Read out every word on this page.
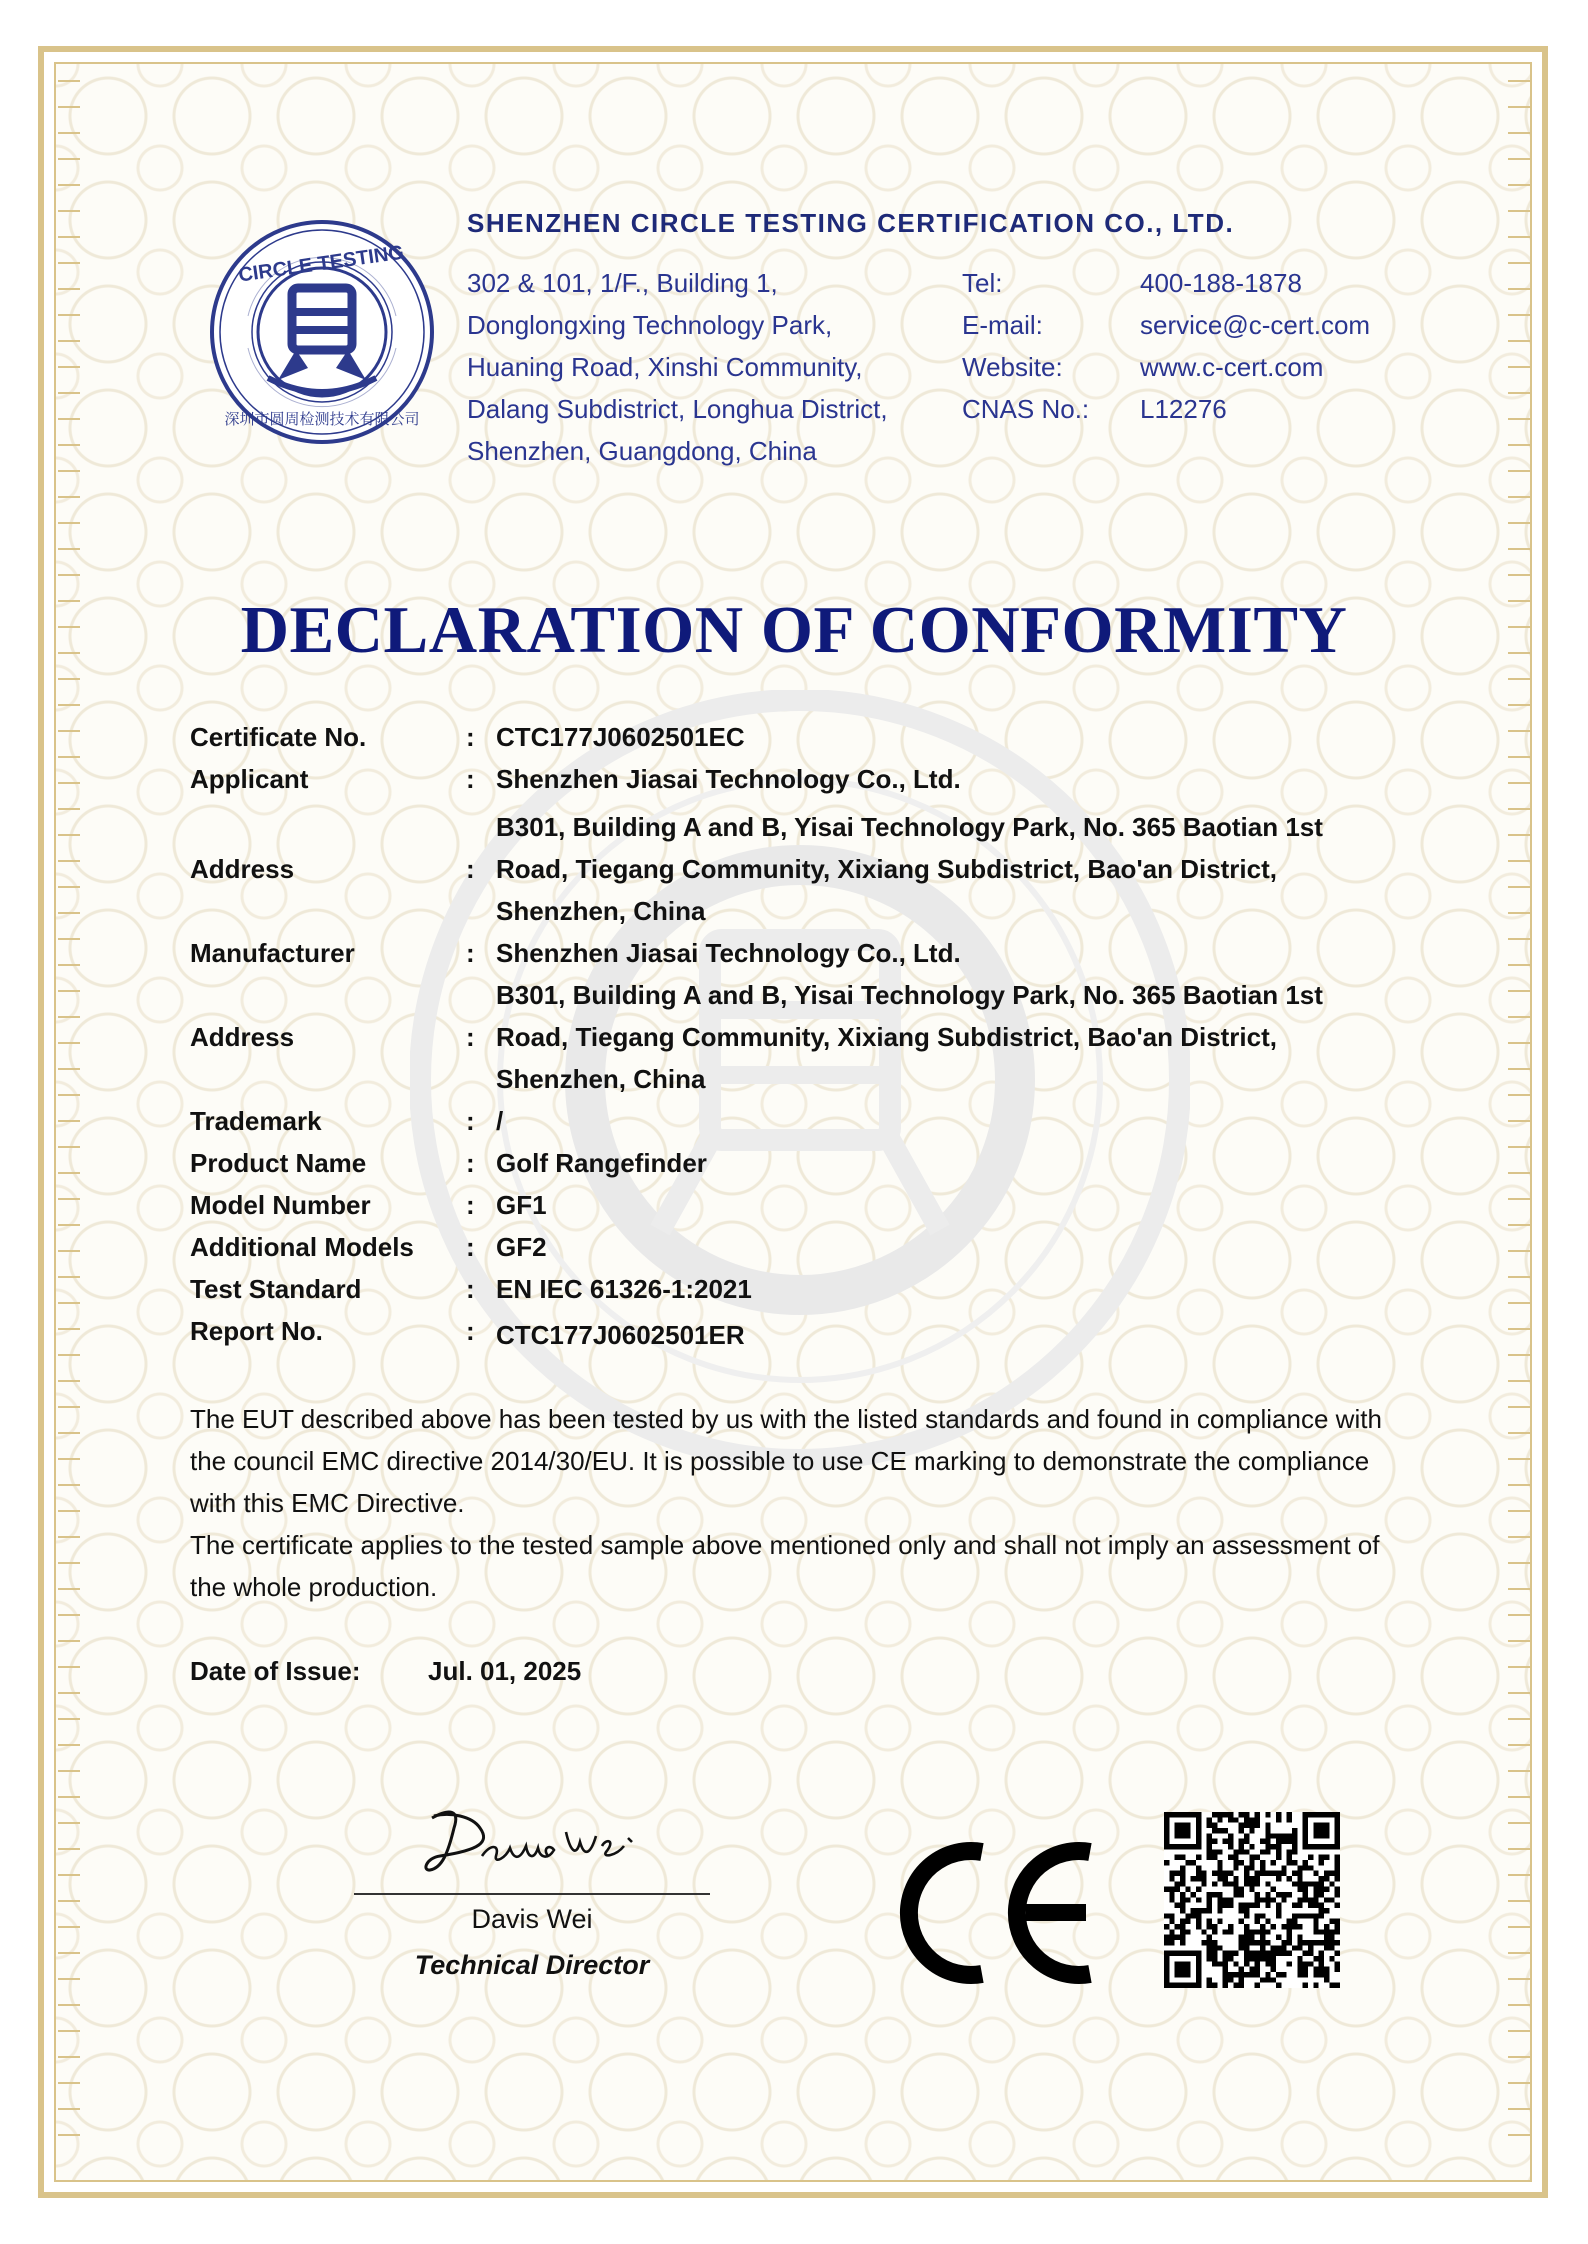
CIRCLE TESTING
深圳市圆周检测技术有限公司
SHENZHEN CIRCLE TESTING CERTIFICATION CO., LTD.
302 & 101, 1/F., Building 1,
Donglongxing Technology Park,
Huaning Road, Xinshi Community,
Dalang Subdistrict, Longhua District,
Shenzhen, Guangdong, China
Tel:	400-188-1878
E-mail:	service@c-cert.com
Website:	www.c-cert.com
CNAS No.:	L12276
DECLARATION OF CONFORMITY
Certificate No.	: CTC177J0602501EC
Applicant	: Shenzhen Jiasai Technology Co., Ltd.
Address	:
B301, Building A and B, Yisai Technology Park, No. 365 Baotian 1st
Road, Tiegang Community, Xixiang Subdistrict, Bao'an District,
Shenzhen, China
Manufacturer	: Shenzhen Jiasai Technology Co., Ltd.
Address	:
B301, Building A and B, Yisai Technology Park, No. 365 Baotian 1st
Road, Tiegang Community, Xixiang Subdistrict, Bao'an District,
Shenzhen, China
Trademark	: /
Product Name	: Golf Rangefinder
Model Number	: GF1
Additional Models	: GF2
Test Standard	: EN IEC 61326-1:2021
Report No.	: CTC177J0602501ER

The EUT described above has been tested by us with the listed standards and found in compliance with the council EMC directive 2014/30/EU. It is possible to use CE marking to demonstrate the compliance with this EMC Directive.

The certificate applies to the tested sample above mentioned only and shall not imply an assessment of the whole production.

Date of Issue:	Jul. 01, 2025
Davis Wei
Technical Director
